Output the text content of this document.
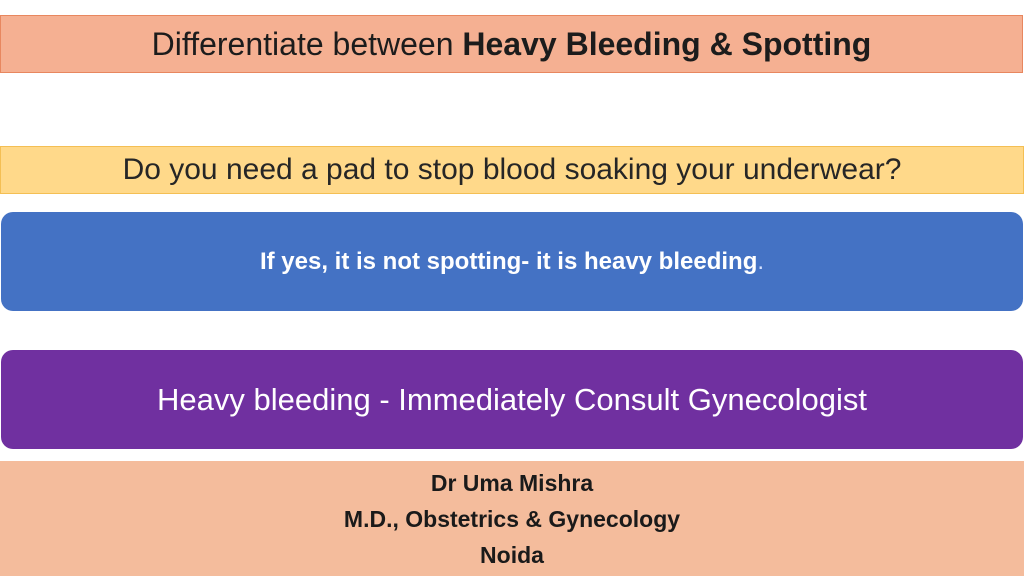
Differentiate between Heavy Bleeding & Spotting
Do you need a pad to stop blood soaking your underwear?
If yes, it is not spotting- it is heavy bleeding .
Heavy bleeding - Immediately Consult Gynecologist
Dr Uma Mishra
M.D., Obstetrics & Gynecology
Noida
